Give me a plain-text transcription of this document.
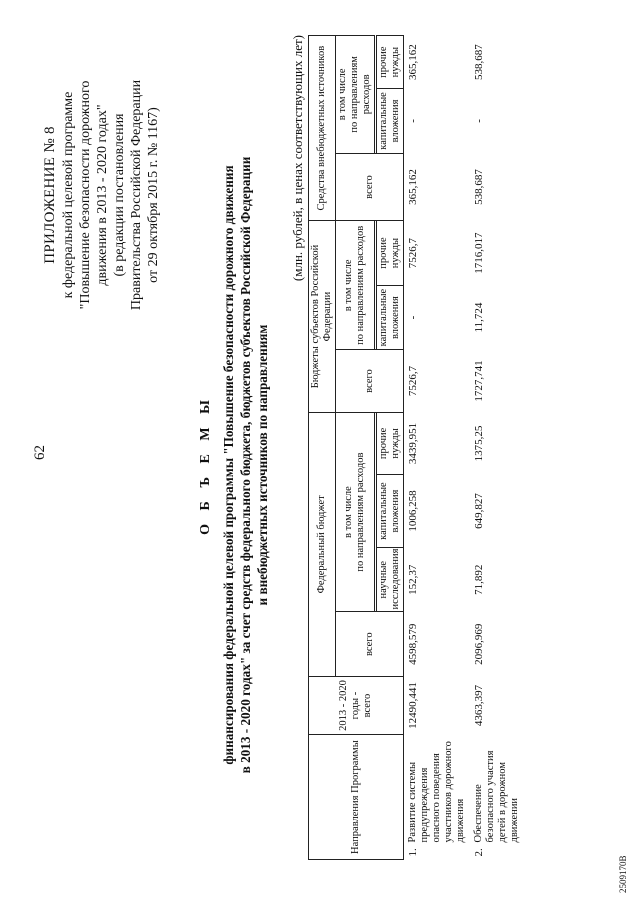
62
ПРИЛОЖЕНИЕ № 8 к федеральной целевой программе "Повышение безопасности дорожного движения в 2013 - 2020 годах" (в редакции постановления Правительства Российской Федерации от 29 октября 2015 г. № 1167)
О Б Ъ Е М Ы финансирования федеральной целевой программы "Повышение безопасности дорожного движения в 2013 - 2020 годах" за счет средств федерального бюджета, бюджетов субъектов Российской Федерации и внебюджетных источников по направлениям
(млн. рублей, в ценах соответствующих лет)
Направления Программы	2013 - 2020 годы - всего	Федеральный бюджет				Бюджеты субъектов Российской Федерации			Средства внебюджетных источников		
		всего	в том числе
по направлениям расходов			всего	в том числе
по направлениям расходов		всего	в том числе
по направлениям расходов	

			научные исследования	капитальные вложения	прочие нужды		капитальные вложения	прочие нужды		капитальные вложения	прочие нужды

1.
Развитие системы предупреждения опасного поведения участников дорожного движения	12490,441	4598,579	152,37	1006,258	3439,951	7526,7	-	7526,7	365,162	-	365,162

2.
Обеспечение безопасного участия детей в дорожном движении	4363,397	2096,969	71,892	649,827	1375,25	1727,741	11,724	1716,017	538,687	-	538,687
2509170В
